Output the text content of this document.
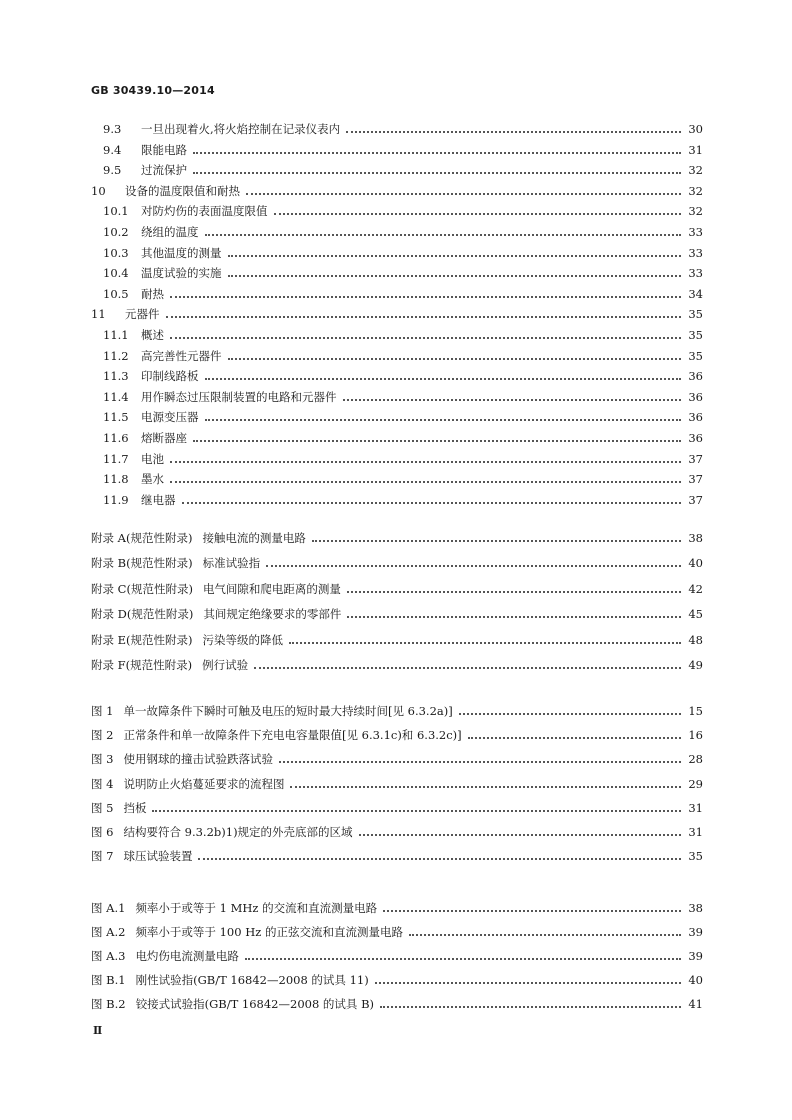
GB 30439.10—2014
9.3	一旦出现着火,将火焰控制在记录仪表内	30
9.4	限能电路	31
9.5	过流保护	32
10	设备的温度限值和耐热	32
10.1	对防灼伤的表面温度限值	32
10.2	绕组的温度	33
10.3	其他温度的测量	33
10.4	温度试验的实施	33
10.5	耐热	34
11	元器件	35
11.1	概述	35
11.2	高完善性元器件	35
11.3	印制线路板	36
11.4	用作瞬态过压限制装置的电路和元器件	36
11.5	电源变压器	36
11.6	熔断器座	36
11.7	电池	37
11.8	墨水	37
11.9	继电器	37
附录 A(规范性附录) 接触电流的测量电路	38
附录 B(规范性附录) 标准试验指	40
附录 C(规范性附录) 电气间隙和爬电距离的测量	42
附录 D(规范性附录) 其间规定绝缘要求的零部件	45
附录 E(规范性附录) 污染等级的降低	48
附录 F(规范性附录) 例行试验	49
图 1 单一故障条件下瞬时可触及电压的短时最大持续时间[见 6.3.2a)]	15
图 2 正常条件和单一故障条件下充电电容量限值[见 6.3.1c)和 6.3.2c)]	16
图 3 使用钢球的撞击试验跌落试验	28
图 4 说明防止火焰蔓延要求的流程图	29
图 5 挡板	31
图 6 结构要符合 9.3.2b)1)规定的外壳底部的区域	31
图 7 球压试验装置	35
图 A.1 频率小于或等于 1 MHz 的交流和直流测量电路	38
图 A.2 频率小于或等于 100 Hz 的正弦交流和直流测量电路	39
图 A.3 电灼伤电流测量电路	39
图 B.1 刚性试验指(GB/T 16842—2008 的试具 11)	40
图 B.2 铰接式试验指(GB/T 16842—2008 的试具 B)	41
Ⅱ
